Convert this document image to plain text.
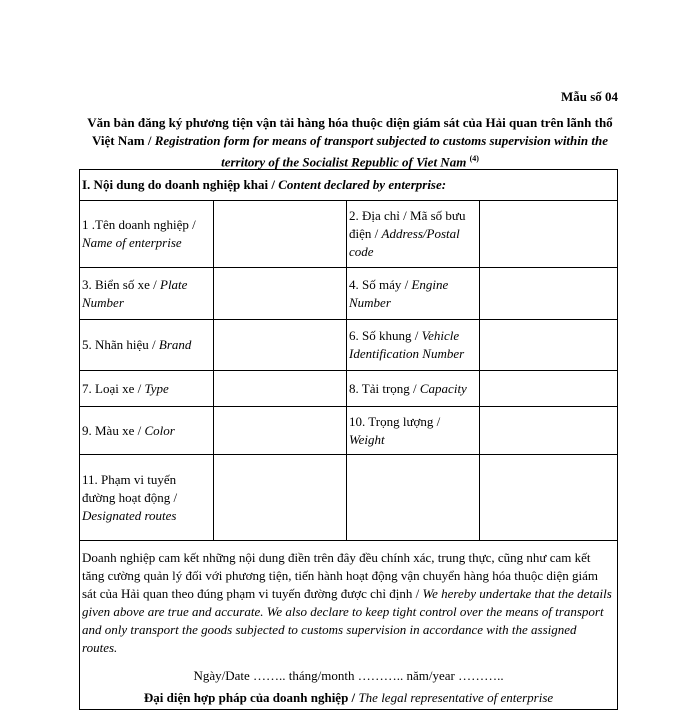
Mẫu số 04
Văn bản đăng ký phương tiện vận tải hàng hóa thuộc diện giám sát của Hải quan trên lãnh thổ Việt Nam / Registration form for means of transport subjected to customs supervision within the territory of the Socialist Republic of Viet Nam $^{(4)}$
I. Nội dung do doanh nghiệp khai / Content declared by enterprise:			
1 .Tên doanh nghiệp / Name of enterprise		2. Địa chỉ / Mã số bưu điện / Address/Postal code	
3. Biển số xe / Plate Number		4. Số máy / Engine Number	
5. Nhãn hiệu / Brand		6. Số khung / Vehicle Identification Number	
7. Loại xe / Type		8. Tải trọng / Capacity	
9. Màu xe / Color		10. Trọng lượng / Weight	
11. Phạm vi tuyến đường hoạt động / Designated routes			
Doanh nghiệp cam kết những nội dung điền trên đây đều chính xác, trung thực, cũng như cam kết tăng cường quản lý đối với phương tiện, tiến hành hoạt động vận chuyển hàng hóa thuộc diện giám sát của Hải quan theo đúng phạm vi tuyến đường được chỉ định / We hereby undertake that the details given above are true and accurate. We also declare to keep tight control over the means of transport and only transport the goods subjected to customs supervision in accordance with the assigned routes.
Ngày/Date …….. tháng/month ……….. năm/year ………..
Đại diện hợp pháp của doanh nghiệp / The legal representative of enterprise			
